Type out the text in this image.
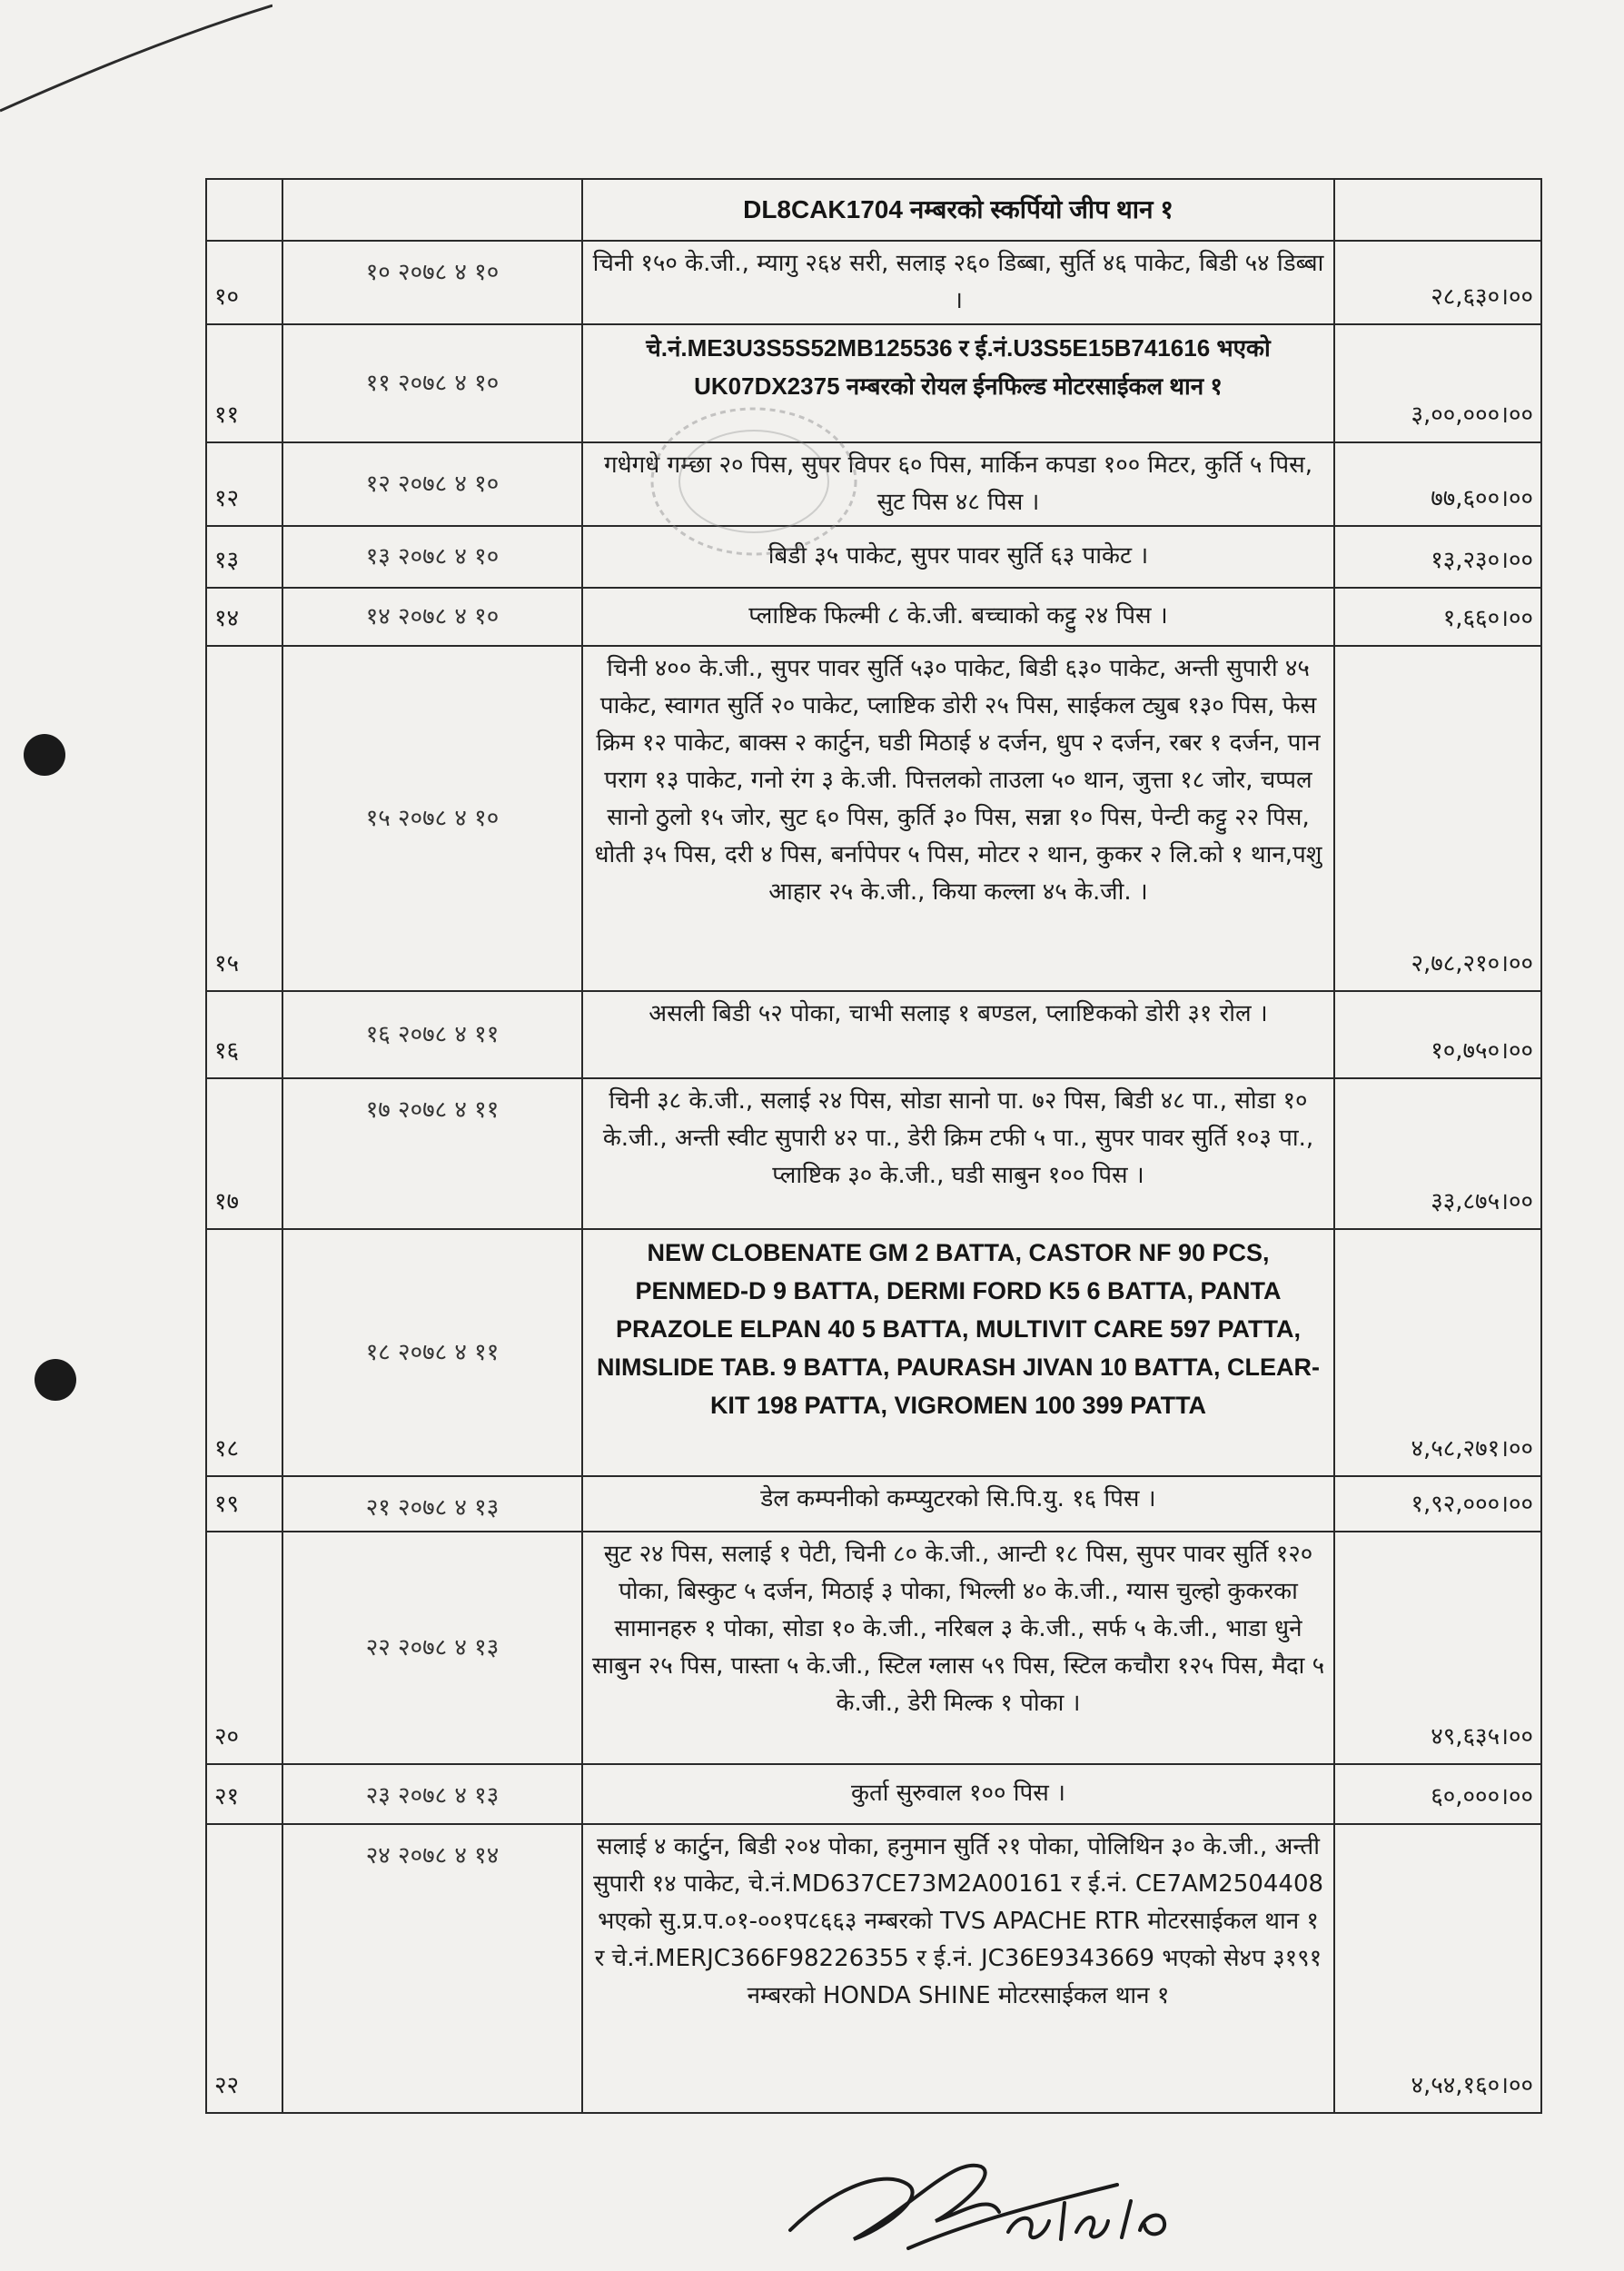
		DL8CAK1704 नम्बरको स्कर्पियो जीप थान १	
१०	१० २०७८ ४ १०	चिनी १५० के.जी., म्यागु २६४ सरी, सलाइ २६० डिब्बा, सुर्ति ४६ पाकेट, बिडी ५४ डिब्बा ।	२८,६३०।००
११	११ २०७८ ४ १०	चे.नं.ME3U3S5S52MB125536 र ई.नं.U3S5E15B741616 भएको UK07DX2375 नम्बरको रोयल ईनफिल्ड मोटरसाईकल थान १	३,००,०००।००
१२	१२ २०७८ ४ १०	गधेगधे गम्छा २० पिस, सुपर विपर ६० पिस, मार्किन कपडा १०० मिटर, कुर्ति ५ पिस, सुट पिस ४८ पिस ।	७७,६००।००
१३	१३ २०७८ ४ १०	बिडी ३५ पाकेट, सुपर पावर सुर्ति ६३ पाकेट ।	१३,२३०।००
१४	१४ २०७८ ४ १०	प्लाष्टिक फिल्मी ८ के.जी. बच्चाको कट्टु २४ पिस ।	१,६६०।००
१५	१५ २०७८ ४ १०	चिनी ४०० के.जी., सुपर पावर सुर्ति ५३० पाकेट, बिडी ६३० पाकेट, अन्ती सुपारी ४५ पाकेट, स्वागत सुर्ति २० पाकेट, प्लाष्टिक डोरी २५ पिस, साईकल ट्युब १३० पिस, फेस क्रिम १२ पाकेट, बाक्स २ कार्टुन, घडी मिठाई ४ दर्जन, धुप २ दर्जन, रबर १ दर्जन, पान पराग १३ पाकेट, गनो रंग ३ के.जी. पित्तलको ताउला ५० थान, जुत्ता १८ जोर, चप्पल सानो ठुलो १५ जोर, सुट ६० पिस, कुर्ति ३० पिस, सन्ना १० पिस, पेन्टी कट्टु २२ पिस, धोती ३५ पिस, दरी ४ पिस, बर्नापेपर ५ पिस, मोटर २ थान, कुकर २ लि.को १ थान,पशु आहार २५ के.जी., किया कल्ला ४५ के.जी. ।	२,७८,२१०।००
१६	१६ २०७८ ४ ११	असली बिडी ५२ पोका, चाभी सलाइ १ बण्डल, प्लाष्टिकको डोरी ३१ रोल ।	१०,७५०।००
१७	१७ २०७८ ४ ११	चिनी ३८ के.जी., सलाई २४ पिस, सोडा सानो पा. ७२ पिस, बिडी ४८ पा., सोडा १० के.जी., अन्ती स्वीट सुपारी ४२ पा., डेरी क्रिम टफी ५ पा., सुपर पावर सुर्ति १०३ पा., प्लाष्टिक ३० के.जी., घडी साबुन १०० पिस ।	३३,८७५।००
१८	१८ २०७८ ४ ११	NEW CLOBENATE GM 2 BATTA, CASTOR NF 90 PCS, PENMED-D 9 BATTA, DERMI FORD K5 6 BATTA, PANTA PRAZOLE ELPAN 40 5 BATTA, MULTIVIT CARE 597 PATTA, NIMSLIDE TAB. 9 BATTA, PAURASH JIVAN 10 BATTA, CLEAR-KIT 198 PATTA, VIGROMEN 100 399 PATTA	४,५८,२७१।००
१९	२१ २०७८ ४ १३	डेल कम्पनीको कम्प्युटरको सि.पि.यु. १६ पिस ।	१,९२,०००।००
२०	२२ २०७८ ४ १३	सुट २४ पिस, सलाई १ पेटी, चिनी ८० के.जी., आन्टी १८ पिस, सुपर पावर सुर्ति १२० पोका, बिस्कुट ५ दर्जन, मिठाई ३ पोका, भिल्ली ४० के.जी., ग्यास चुल्हो कुकरका सामानहरु १ पोका, सोडा १० के.जी., नरिबल ३ के.जी., सर्फ ५ के.जी., भाडा धुने साबुन २५ पिस, पास्ता ५ के.जी., स्टिल ग्लास ५९ पिस, स्टिल कचौरा १२५ पिस, मैदा ५ के.जी., डेरी मिल्क १ पोका ।	४९,६३५।००
२१	२३ २०७८ ४ १३	कुर्ता सुरुवाल १०० पिस ।	६०,०००।००
२२	२४ २०७८ ४ १४	सलाई ४ कार्टुन, बिडी २०४ पोका, हनुमान सुर्ति २१ पोका, पोलिथिन ३० के.जी., अन्ती सुपारी १४ पाकेट, चे.नं.MD637CE73M2A00161 र ई.नं. CE7AM2504408 भएको सु.प्र.प.०१-००१प८६६३ नम्बरको TVS APACHE RTR मोटरसाईकल थान १ र चे.नं.MERJC366F98226355 र ई.नं. JC36E9343669 भएको से४प ३१९१ नम्बरको HONDA SHINE मोटरसाईकल थान १	४,५४,१६०।००
